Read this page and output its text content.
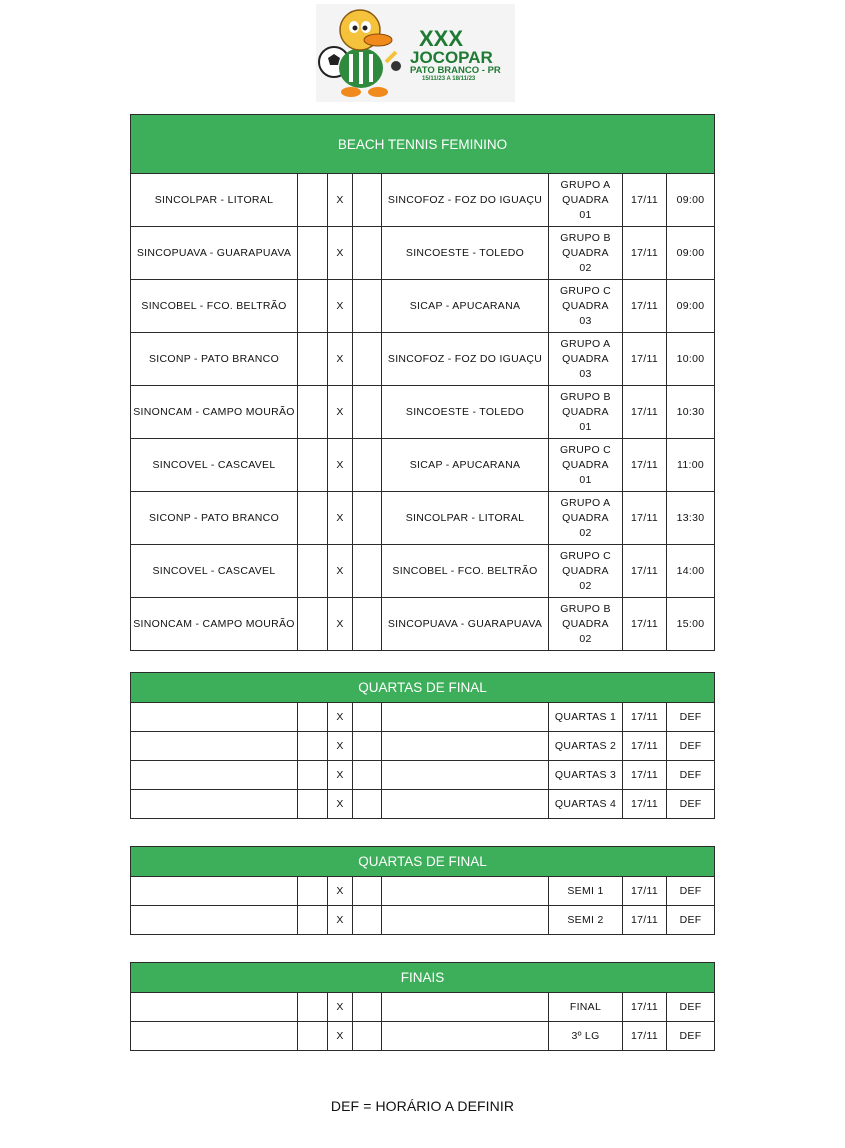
XXX
JOCOPAR
PATO BRANCO - PR
15/11/23 A 18/11/23
BEACH TENNIS FEMININO							
SINCOLPAR - LITORAL		X		SINCOFOZ - FOZ DO IGUAÇU	GRUPO A
QUADRA
01	17/11	09:00
SINCOPUAVA - GUARAPUAVA		X		SINCOESTE - TOLEDO	GRUPO B
QUADRA
02	17/11	09:00
SINCOBEL - FCO. BELTRÃO		X		SICAP - APUCARANA	GRUPO C
QUADRA
03	17/11	09:00
SICONP - PATO BRANCO		X		SINCOFOZ - FOZ DO IGUAÇU	GRUPO A
QUADRA
03	17/11	10:00
SINONCAM - CAMPO MOURÃO		X		SINCOESTE - TOLEDO	GRUPO B
QUADRA
01	17/11	10:30
SINCOVEL - CASCAVEL		X		SICAP - APUCARANA	GRUPO C
QUADRA
01	17/11	11:00
SICONP - PATO BRANCO		X		SINCOLPAR - LITORAL	GRUPO A
QUADRA
02	17/11	13:30
SINCOVEL - CASCAVEL		X		SINCOBEL - FCO. BELTRÃO	GRUPO C
QUADRA
02	17/11	14:00
SINONCAM - CAMPO MOURÃO		X		SINCOPUAVA - GUARAPUAVA	GRUPO B
QUADRA
02	17/11	15:00
QUARTAS DE FINAL							
		X			QUARTAS 1	17/11	DEF
		X			QUARTAS 2	17/11	DEF
		X			QUARTAS 3	17/11	DEF
		X			QUARTAS 4	17/11	DEF
QUARTAS DE FINAL							
		X			SEMI 1	17/11	DEF
		X			SEMI 2	17/11	DEF
FINAIS							
		X			FINAL	17/11	DEF
		X			3º LG	17/11	DEF
DEF = HORÁRIO A DEFINIR
